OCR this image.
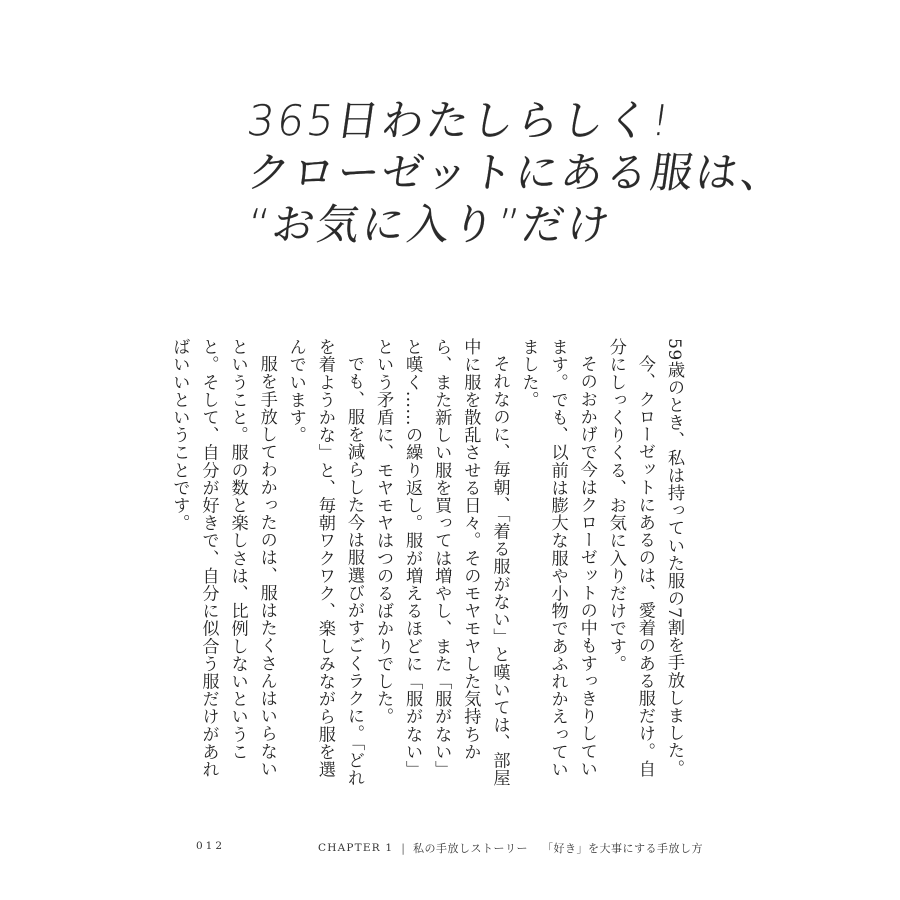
365日わたしらしく!
クローゼットにある服は、
“お気に入り”だけ

59歳のとき、私は持っていた服の7割を手放しました。

今、クローゼットにあるのは、愛着のある服だけ。自分にしっくりくる、お気に入りだけです。

そのおかげで今はクローゼットの中もすっきりしています。でも、以前は膨大な服や小物であふれかえっていました。

それなのに、毎朝、「着る服がない」と嘆いては、部屋中に服を散乱させる日々。そのモヤモヤした気持ちから、また新しい服を買っては増やし、また「服がない」と嘆く……の繰り返し。服が増えるほどに「服がない」という矛盾に、モヤモヤはつのるばかりでした。

でも、服を減らした今は服選びがすごくラクに。「どれを着ようかな」と、毎朝ワクワク、楽しみながら服を選んでいます。

服を手放してわかったのは、服はたくさんはいらないということ。服の数と楽しさは、比例しないということ。そして、自分が好きで、自分に似合う服だけがあればいいということです。

012	CHAPTER 1 | 私の手放しストーリー 「好き」を大事にする手放し方
